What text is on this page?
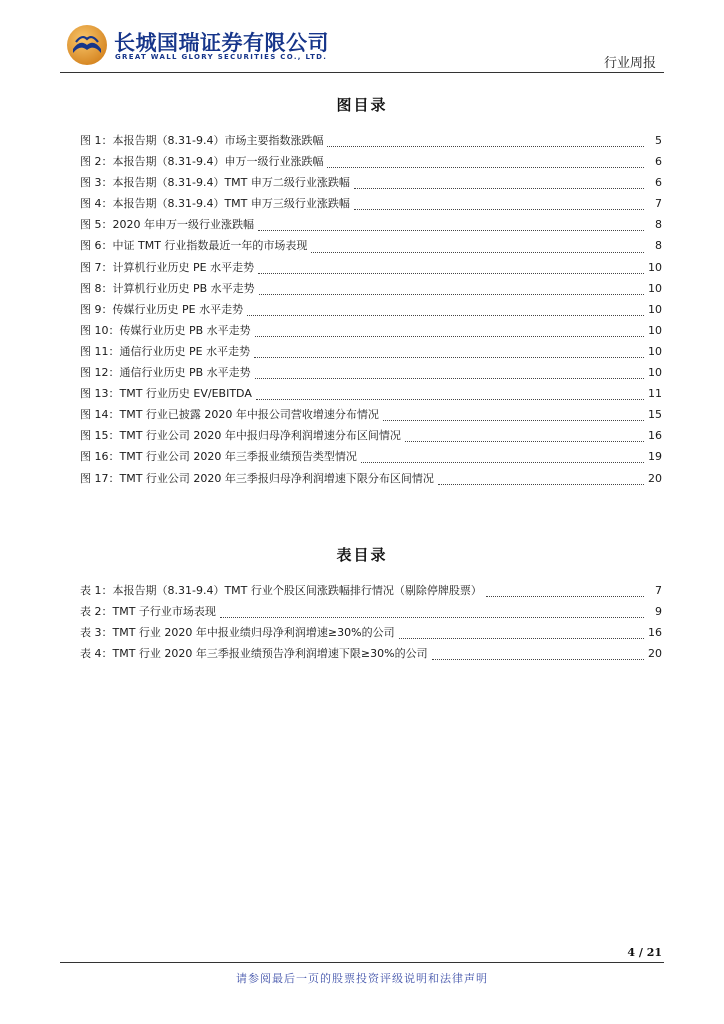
长城国瑞证券有限公司
GREAT WALL GLORY SECURITIES CO., LTD.	行业周报
图目录
图 1：本报告期（8.31-9.4）市场主要指数涨跌幅	5
图 2：本报告期（8.31-9.4）申万一级行业涨跌幅	6
图 3：本报告期（8.31-9.4）TMT 申万二级行业涨跌幅	6
图 4：本报告期（8.31-9.4）TMT 申万三级行业涨跌幅	7
图 5：2020 年申万一级行业涨跌幅	8
图 6：中证 TMT 行业指数最近一年的市场表现	8
图 7：计算机行业历史 PE 水平走势	10
图 8：计算机行业历史 PB 水平走势	10
图 9：传媒行业历史 PE 水平走势	10
图 10：传媒行业历史 PB 水平走势	10
图 11：通信行业历史 PE 水平走势	10
图 12：通信行业历史 PB 水平走势	10
图 13：TMT 行业历史 EV/EBITDA	11
图 14：TMT 行业已披露 2020 年中报公司营收增速分布情况	15
图 15：TMT 行业公司 2020 年中报归母净利润增速分布区间情况	16
图 16：TMT 行业公司 2020 年三季报业绩预告类型情况	19
图 17：TMT 行业公司 2020 年三季报归母净利润增速下限分布区间情况	20
表目录
表 1：本报告期（8.31-9.4）TMT 行业个股区间涨跌幅排行情况（剔除停牌股票）	7
表 2：TMT 子行业市场表现	9
表 3：TMT 行业 2020 年中报业绩归母净利润增速≥30%的公司	16
表 4：TMT 行业 2020 年三季报业绩预告净利润增速下限≥30%的公司	20
4 / 21
请参阅最后一页的股票投资评级说明和法律声明
